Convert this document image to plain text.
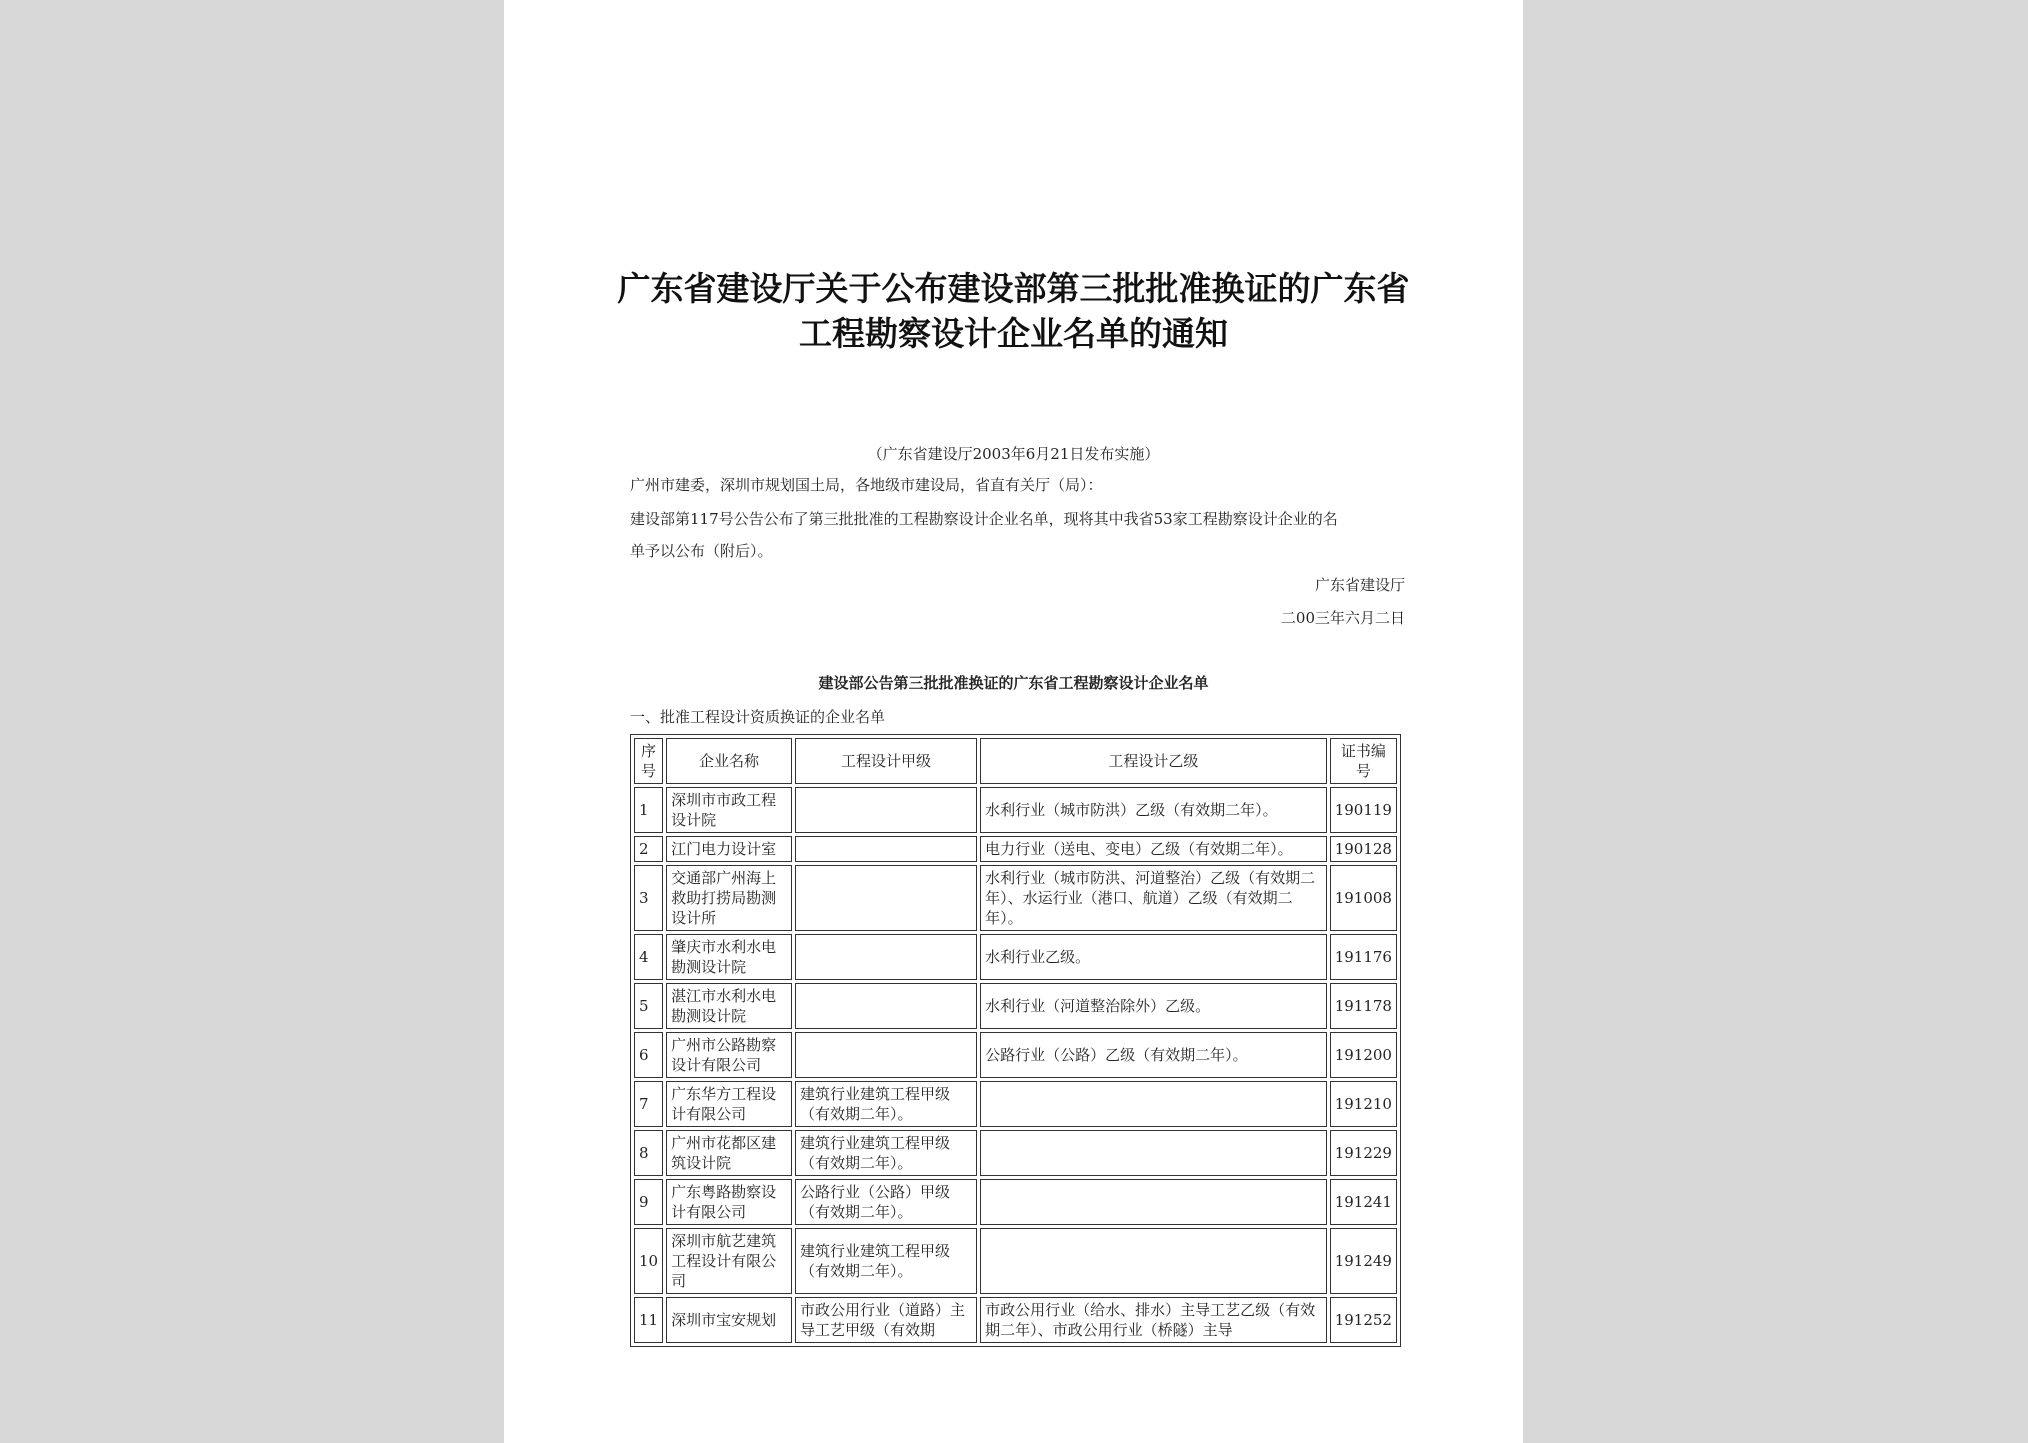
广东省建设厅关于公布建设部第三批批准换证的广东省
工程勘察设计企业名单的通知
（广东省建设厅2003年6月21日发布实施）
广州市建委，深圳市规划国土局，各地级市建设局，省直有关厅（局）：
建设部第117号公告公布了第三批批准的工程勘察设计企业名单，现将其中我省53家工程勘察设计企业的名
单予以公布（附后）。
广东省建设厅
二00三年六月二日
建设部公告第三批批准换证的广东省工程勘察设计企业名单
一、批准工程设计资质换证的企业名单
序号	企业名称	工程设计甲级	工程设计乙级	证书编号
1	深圳市市政工程设计院		水利行业（城市防洪）乙级（有效期二年）。	190119
2	江门电力设计室		电力行业（送电、变电）乙级（有效期二年）。	190128
3	交通部广州海上救助打捞局勘测设计所		水利行业（城市防洪、河道整治）乙级（有效期二年）、水运行业（港口、航道）乙级（有效期二年）。	191008
4	肇庆市水利水电勘测设计院		水利行业乙级。	191176
5	湛江市水利水电勘测设计院		水利行业（河道整治除外）乙级。	191178
6	广州市公路勘察设计有限公司		公路行业（公路）乙级（有效期二年）。	191200
7	广东华方工程设计有限公司	建筑行业建筑工程甲级（有效期二年）。		191210
8	广州市花都区建筑设计院	建筑行业建筑工程甲级（有效期二年）。		191229
9	广东粤路勘察设计有限公司	公路行业（公路）甲级（有效期二年）。		191241
10	深圳市航艺建筑工程设计有限公司	建筑行业建筑工程甲级（有效期二年）。		191249
11	深圳市宝安规划	市政公用行业（道路）主导工艺甲级（有效期	市政公用行业（给水、排水）主导工艺乙级（有效期二年）、市政公用行业（桥隧）主导	191252
